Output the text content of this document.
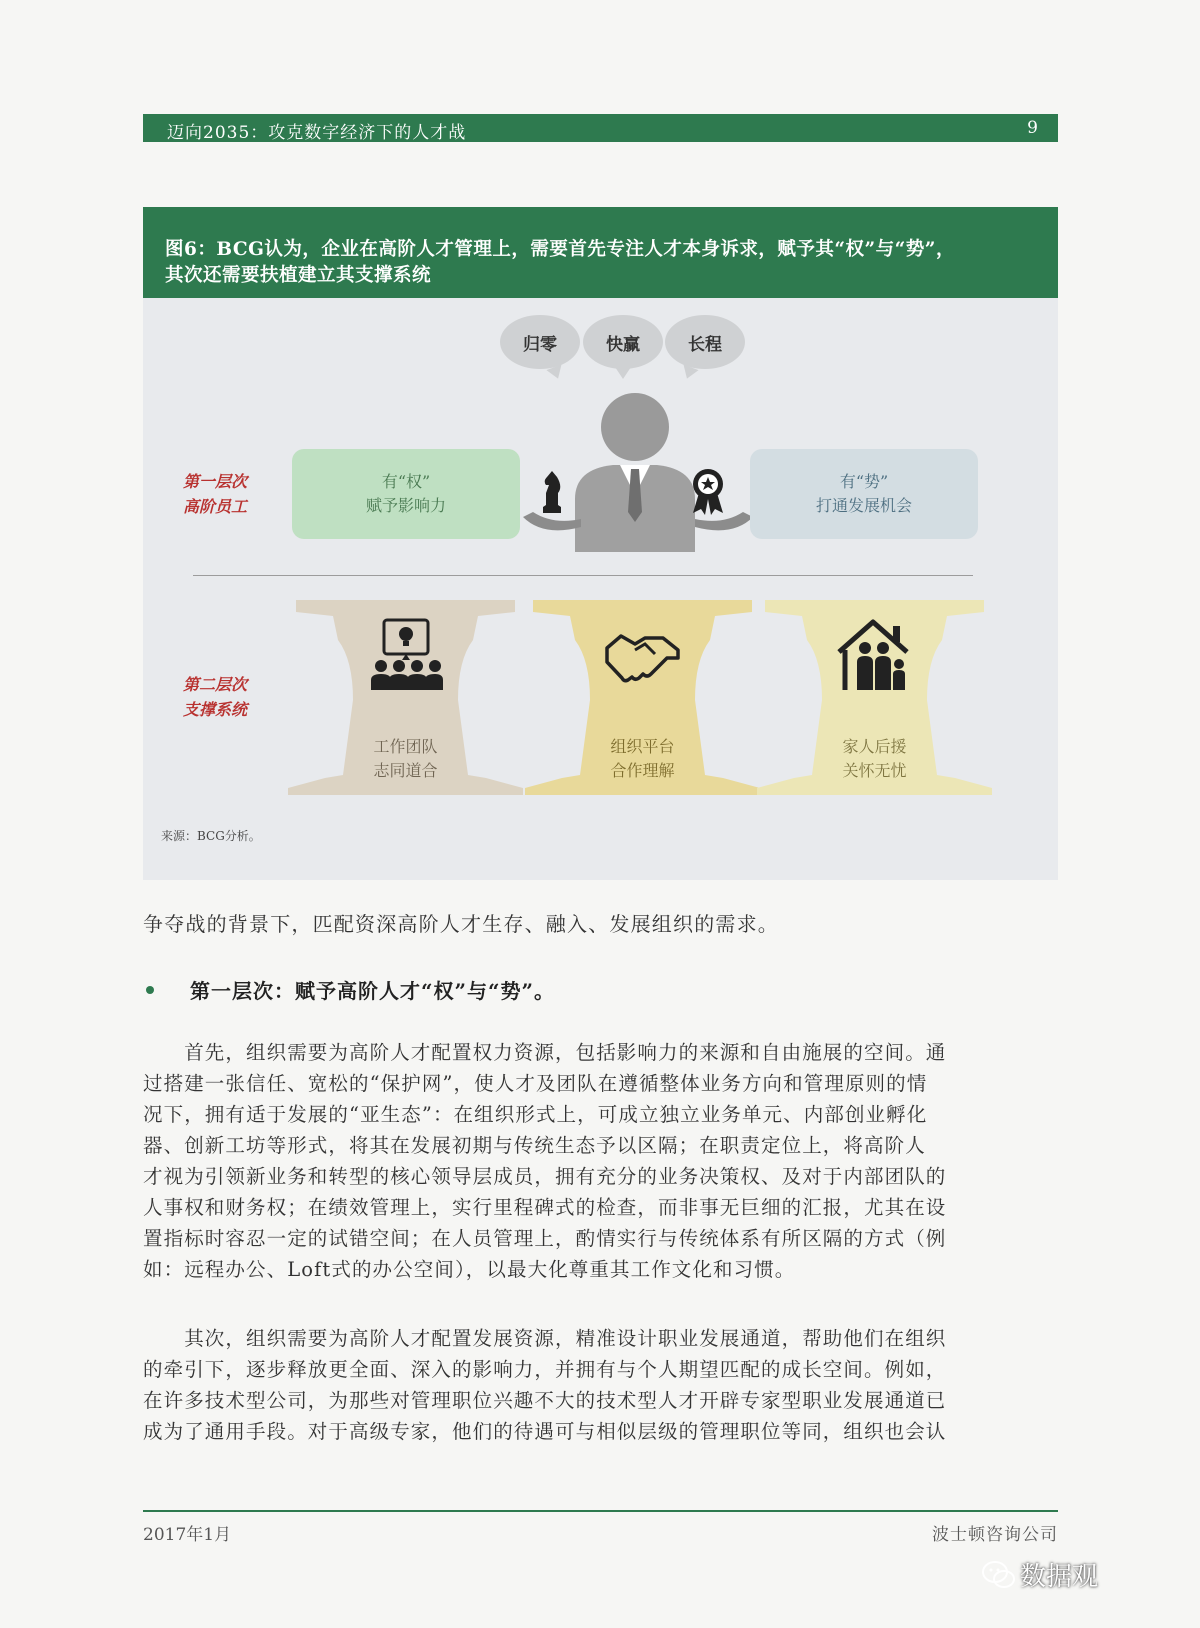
迈向2035：攻克数字经济下的人才战	9
图6：BCG认为，企业在高阶人才管理上，需要首先专注人才本身诉求，赋予其“权”与“势”，
其次还需要扶植建立其支撑系统
归零	快赢	长程
第一层次
高阶员工
有“权”
赋予影响力
有“势”
打通发展机会
第二层次
支撑系统
工作团队
志同道合
组织平台
合作理解
家人后援
关怀无忧
来源：BCG分析。
争夺战的背景下，匹配资深高阶人才生存、融入、发展组织的需求。
第一层次：赋予高阶人才“权”与“势”。
　　首先，组织需要为高阶人才配置权力资源，包括影响力的来源和自由施展的空间。通
过搭建一张信任、宽松的“保护网”，使人才及团队在遵循整体业务方向和管理原则的情
况下，拥有适于发展的“亚生态”：在组织形式上，可成立独立业务单元、内部创业孵化
器、创新工坊等形式，将其在发展初期与传统生态予以区隔；在职责定位上，将高阶人
才视为引领新业务和转型的核心领导层成员，拥有充分的业务决策权、及对于内部团队的
人事权和财务权；在绩效管理上，实行里程碑式的检查，而非事无巨细的汇报，尤其在设
置指标时容忍一定的试错空间；在人员管理上，酌情实行与传统体系有所区隔的方式（例
如：远程办公、Loft式的办公空间），以最大化尊重其工作文化和习惯。
　　其次，组织需要为高阶人才配置发展资源，精准设计职业发展通道，帮助他们在组织
的牵引下，逐步释放更全面、深入的影响力，并拥有与个人期望匹配的成长空间。例如，
在许多技术型公司，为那些对管理职位兴趣不大的技术型人才开辟专家型职业发展通道已
成为了通用手段。对于高级专家，他们的待遇可与相似层级的管理职位等同，组织也会认
2017年1月	波士顿咨询公司
数据观
